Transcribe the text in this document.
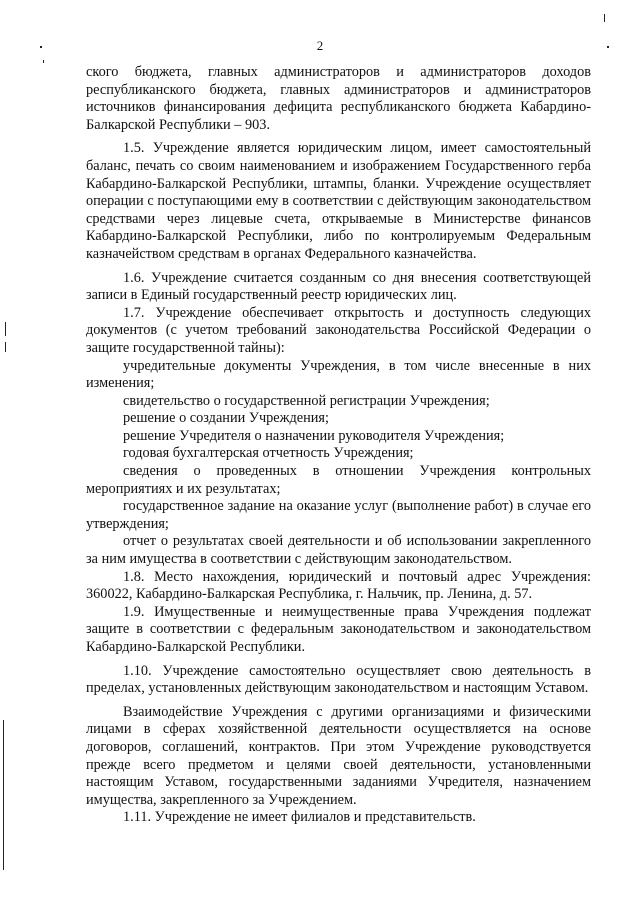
2

ского бюджета, главных администраторов и администраторов доходов республиканского бюджета, главных администраторов и администраторов источников финансирования дефицита республиканского бюджета Кабардино-Балкарской Республики – 903.

1.5. Учреждение является юридическим лицом, имеет самостоятельный баланс, печать со своим наименованием и изображением Государственного герба Кабардино-Балкарской Республики, штампы, бланки. Учреждение осуществляет операции с поступающими ему в соответствии с действующим законодательством средствами через лицевые счета, открываемые в Министерстве финансов Кабардино-Балкарской Республики, либо по контролируемым Федеральным казначейством средствам в органах Федерального казначейства.

1.6. Учреждение считается созданным со дня внесения соответствующей записи в Единый государственный реестр юридических лиц.

1.7. Учреждение обеспечивает открытость и доступность следующих документов (с учетом требований законодательства Российской Федерации о защите государственной тайны):

учредительные документы Учреждения, в том числе внесенные в них изменения;

свидетельство о государственной регистрации Учреждения;

решение о создании Учреждения;

решение Учредителя о назначении руководителя Учреждения;

годовая бухгалтерская отчетность Учреждения;

сведения о проведенных в отношении Учреждения контрольных мероприятиях и их результатах;

государственное задание на оказание услуг (выполнение работ) в случае его утверждения;

отчет о результатах своей деятельности и об использовании закрепленного за ним имущества в соответствии с действующим законодательством.

1.8. Место нахождения, юридический и почтовый адрес Учреждения: 360022, Кабардино-Балкарская Республика, г. Нальчик, пр. Ленина, д. 57.

1.9. Имущественные и неимущественные права Учреждения подлежат защите в соответствии с федеральным законодательством и законодательством Кабардино-Балкарской Республики.

1.10. Учреждение самостоятельно осуществляет свою деятельность в пределах, установленных действующим законодательством и настоящим Уставом.

Взаимодействие Учреждения с другими организациями и физическими лицами в сферах хозяйственной деятельности осуществляется на основе договоров, соглашений, контрактов. При этом Учреждение руководствуется прежде всего предметом и целями своей деятельности, установленными настоящим Уставом, государственными заданиями Учредителя, назначением имущества, закрепленного за Учреждением.

1.11. Учреждение не имеет филиалов и представительств.
